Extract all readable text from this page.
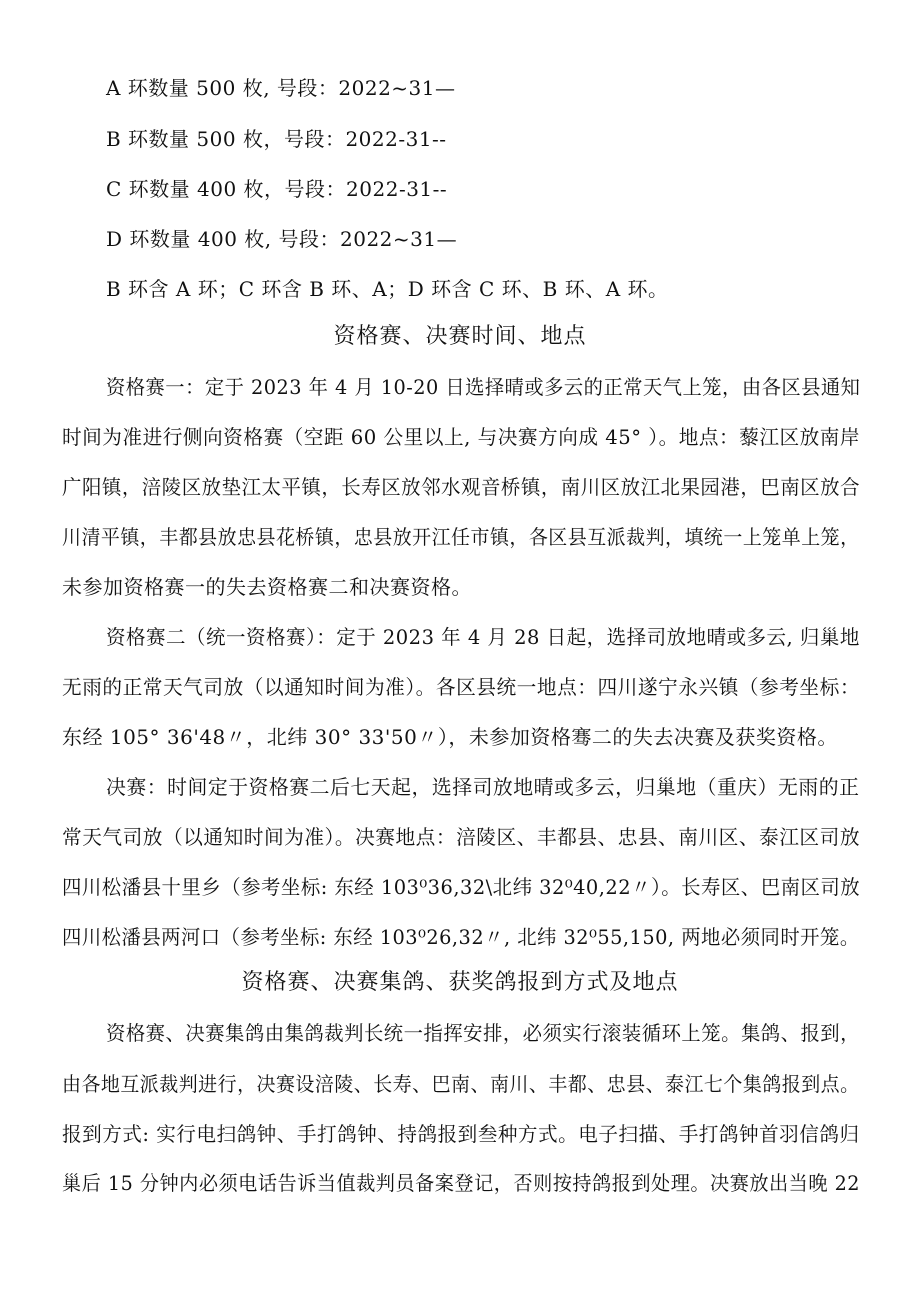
A 环数量 500 枚, 号段：2022~31—
B 环数量 500 枚，号段：2022-31--
C 环数量 400 枚，号段：2022-31--
D 环数量 400 枚, 号段：2022~31—
B 环含 A 环；C 环含 B 环、A；D 环含 C 环、B 环、A 环。
资格赛、决赛时间、地点
资格赛一：定于 2023 年 4 月 10-20 日选择晴或多云的正常天气上笼，由各区县通知
时间为准进行侧向资格赛（空距 60 公里以上, 与决赛方向成 45° ）。地点：藜江区放南岸
广阳镇，涪陵区放垫江太平镇，长寿区放邻水观音桥镇，南川区放江北果园港，巴南区放合
川清平镇，丰都县放忠县花桥镇，忠县放开江任市镇，各区县互派裁判，填统一上笼单上笼，
未参加资格赛一的失去资格赛二和决赛资格。
资格赛二（统一资格赛）：定于 2023 年 4 月 28 日起，选择司放地晴或多云, 归巢地
无雨的正常天气司放（以通知时间为准）。各区县统一地点：四川遂宁永兴镇（参考坐标：
东经 105° 36'48〃，北纬 30° 33'50〃），未参加资格骞二的失去决赛及获奖资格。
决赛：时间定于资格赛二后七天起，选择司放地晴或多云，归巢地（重庆）无雨的正
常天气司放（以通知时间为准）。决赛地点：涪陵区、丰都县、忠县、南川区、泰江区司放
四川松潘县十里乡（参考坐标: 东经 103⁰36,32\北纬 32⁰40,22〃）。长寿区、巴南区司放
四川松潘县两河口（参考坐标: 东经 103⁰26,32〃, 北纬 32⁰55,150, 两地必须同时开笼。
资格赛、决赛集鸽、获奖鸽报到方式及地点
资格赛、决赛集鸽由集鸽裁判长统一指挥安排，必须实行滚装循环上笼。集鸽、报到，
由各地互派裁判进行，决赛设涪陵、长寿、巴南、南川、丰都、忠县、泰江七个集鸽报到点。
报到方式: 实行电扫鸽钟、手打鸽钟、持鸽报到叁种方式。电子扫描、手打鸽钟首羽信鸽归
巢后 15 分钟内必须电话告诉当值裁判员备案登记，否则按持鸽报到处理。决赛放出当晚 22
